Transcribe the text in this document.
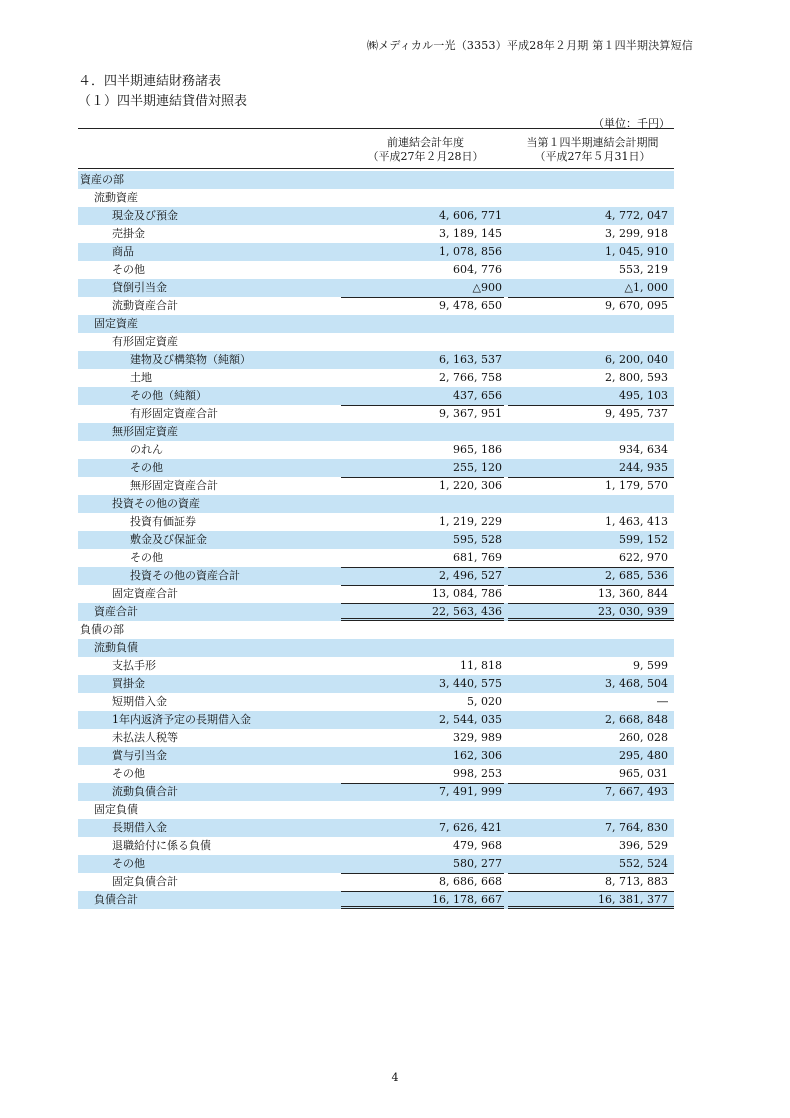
㈱メディカル一光（3353）平成28年２月期 第１四半期決算短信
４．四半期連結財務諸表
（１）四半期連結貸借対照表
（単位：千円）
前連結会計年度
（平成27年２月28日）
当第１四半期連結会計期間
（平成27年５月31日）
資産の部
流動資産
現金及び預金	4, 606, 771	4, 772, 047
売掛金	3, 189, 145	3, 299, 918
商品	1, 078, 856	1, 045, 910
その他	604, 776	553, 219
貸倒引当金	△900	△1, 000
流動資産合計	9, 478, 650	9, 670, 095
固定資産
有形固定資産
建物及び構築物（純額）	6, 163, 537	6, 200, 040
土地	2, 766, 758	2, 800, 593
その他（純額）	437, 656	495, 103
有形固定資産合計	9, 367, 951	9, 495, 737
無形固定資産
のれん	965, 186	934, 634
その他	255, 120	244, 935
無形固定資産合計	1, 220, 306	1, 179, 570
投資その他の資産
投資有価証券	1, 219, 229	1, 463, 413
敷金及び保証金	595, 528	599, 152
その他	681, 769	622, 970
投資その他の資産合計	2, 496, 527	2, 685, 536
固定資産合計	13, 084, 786	13, 360, 844
資産合計	22, 563, 436	23, 030, 939
負債の部
流動負債
支払手形	11, 818	9, 599
買掛金	3, 440, 575	3, 468, 504
短期借入金	5, 020	―
1年内返済予定の長期借入金	2, 544, 035	2, 668, 848
未払法人税等	329, 989	260, 028
賞与引当金	162, 306	295, 480
その他	998, 253	965, 031
流動負債合計	7, 491, 999	7, 667, 493
固定負債
長期借入金	7, 626, 421	7, 764, 830
退職給付に係る負債	479, 968	396, 529
その他	580, 277	552, 524
固定負債合計	8, 686, 668	8, 713, 883
負債合計	16, 178, 667	16, 381, 377
4
